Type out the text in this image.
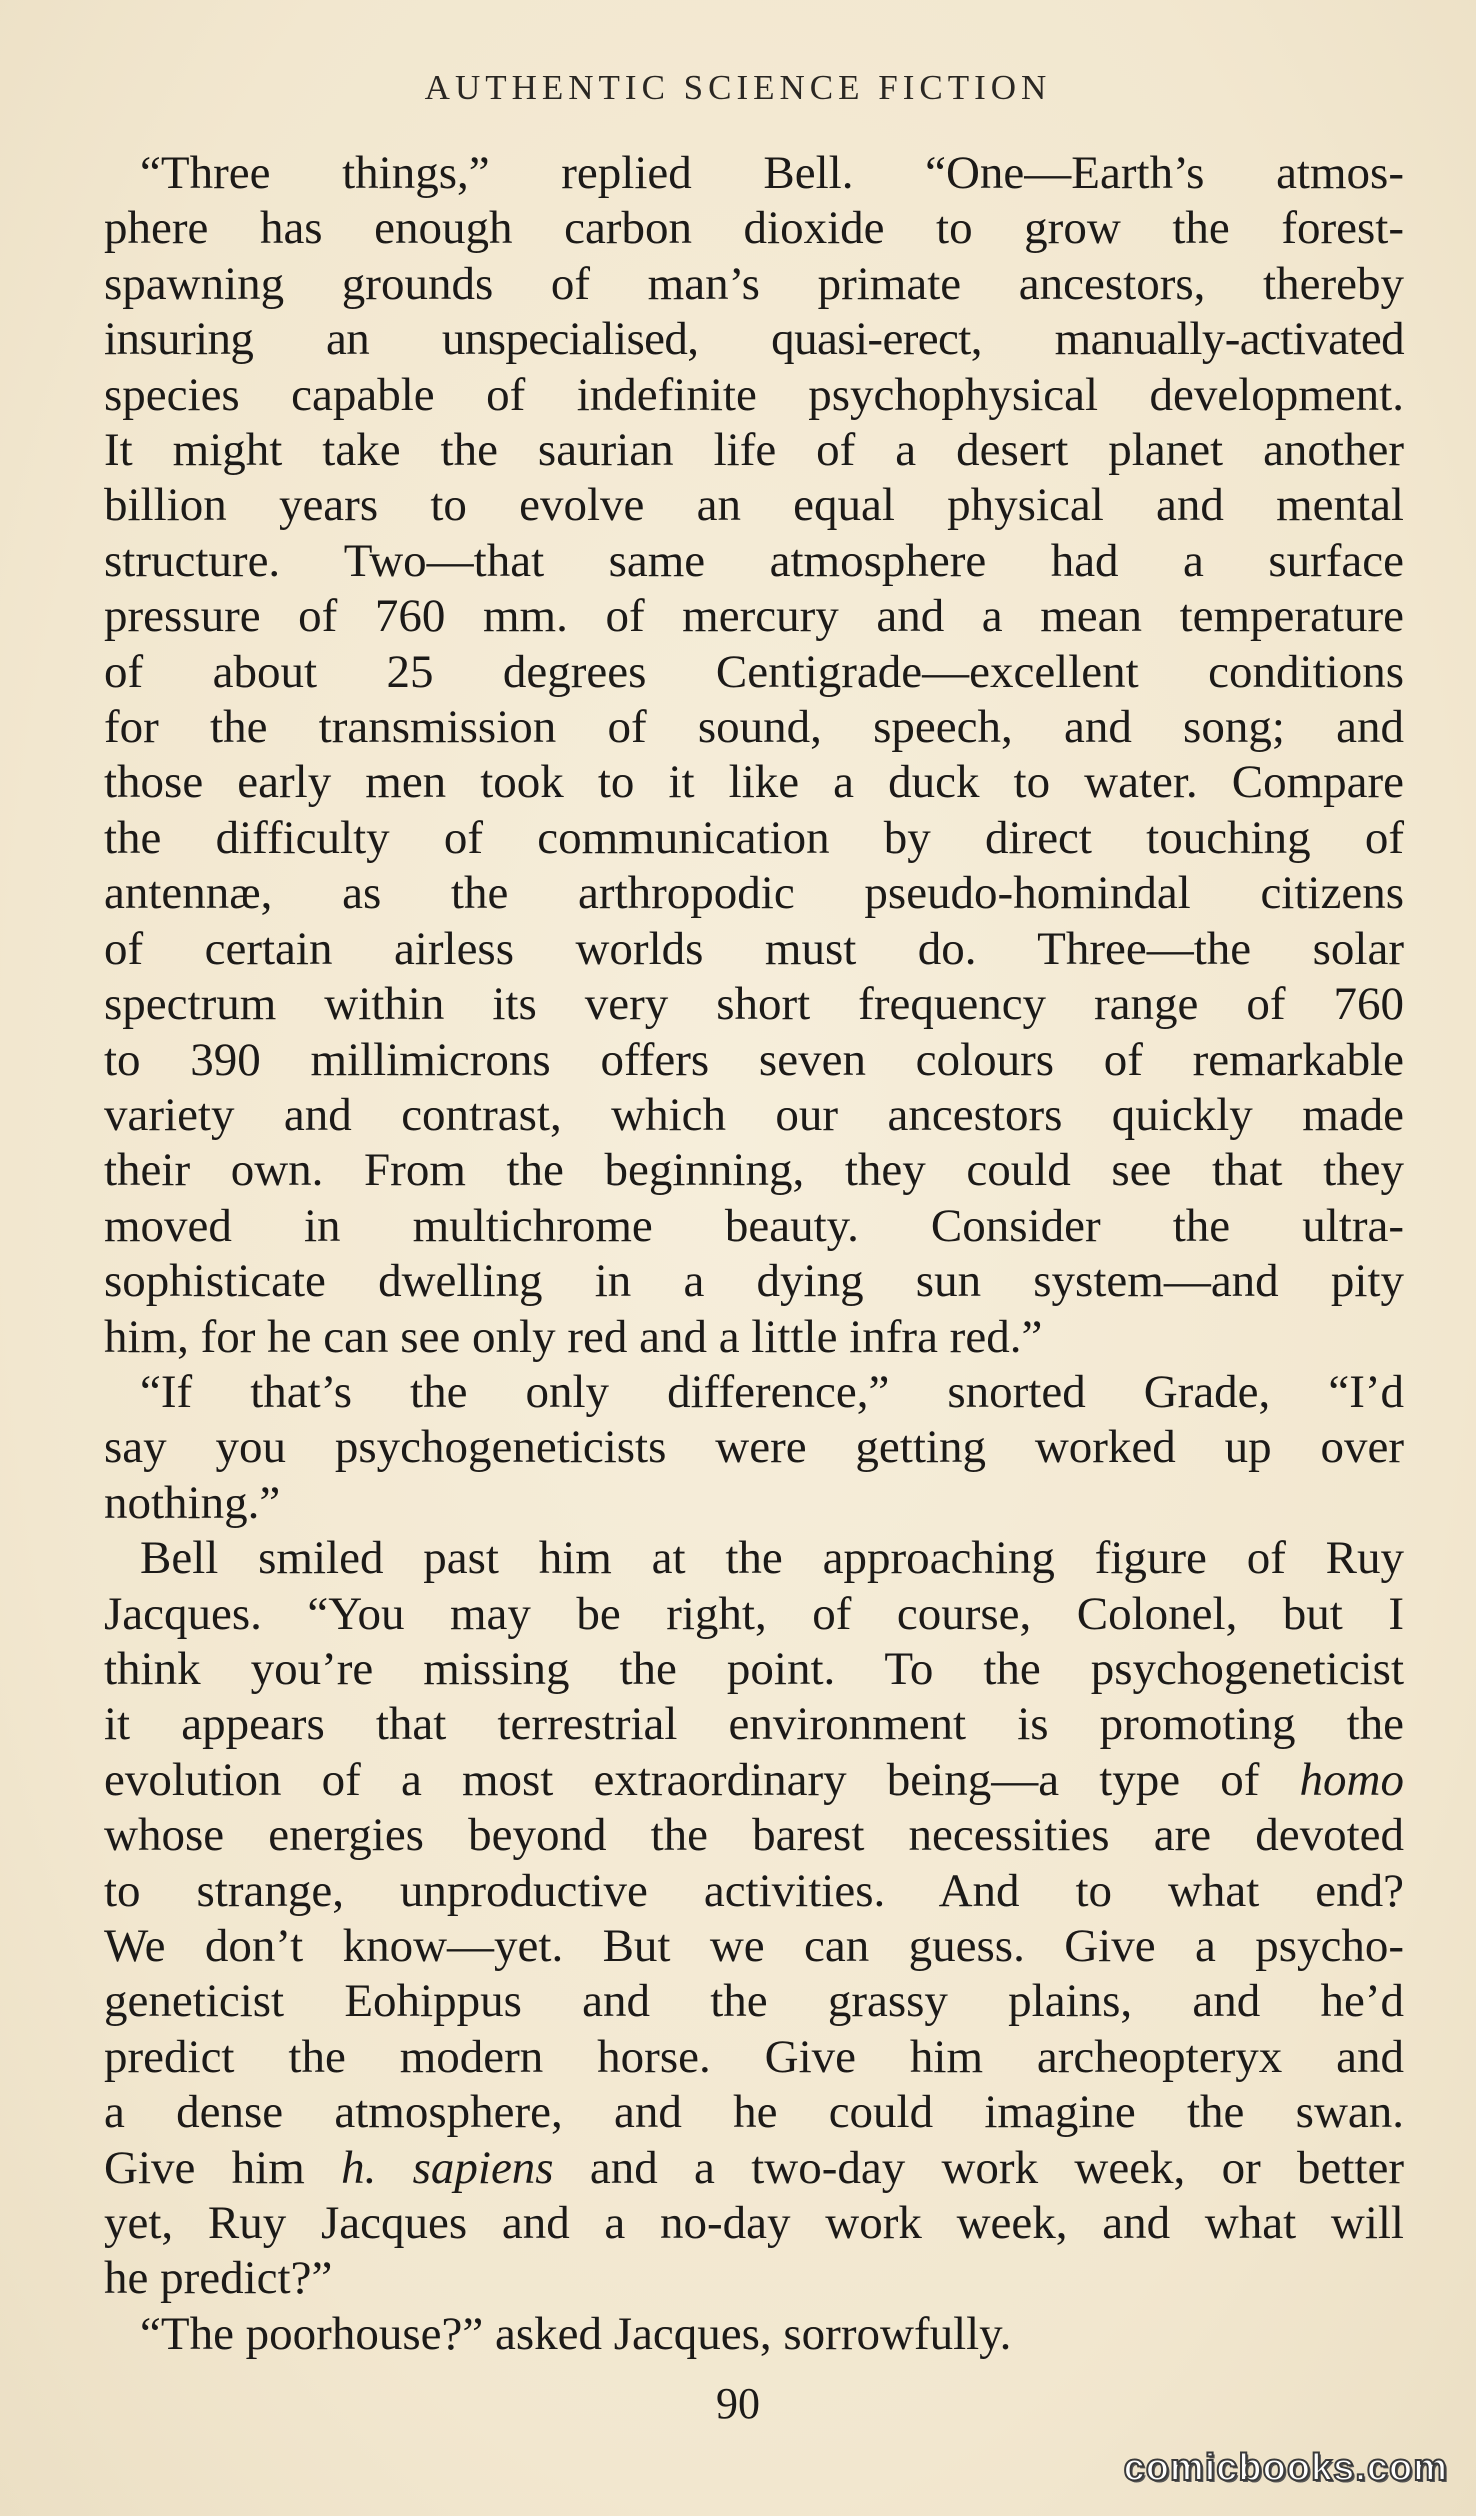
AUTHENTIC SCIENCE FICTION

“Three things,” replied Bell. “One—Earth’s atmos-
phere has enough carbon dioxide to grow the forest-
spawning grounds of man’s primate ancestors, thereby
insuring an unspecialised, quasi-erect, manually-activated
species capable of indefinite psychophysical development.
It might take the saurian life of a desert planet another
billion years to evolve an equal physical and mental
structure. Two—that same atmosphere had a surface
pressure of 760 mm. of mercury and a mean temperature
of about 25 degrees Centigrade—excellent conditions
for the transmission of sound, speech, and song; and
those early men took to it like a duck to water. Compare
the difficulty of communication by direct touching of
antennæ, as the arthropodic pseudo-homindal citizens
of certain airless worlds must do. Three—the solar
spectrum within its very short frequency range of 760
to 390 millimicrons offers seven colours of remarkable
variety and contrast, which our ancestors quickly made
their own. From the beginning, they could see that they
moved in multichrome beauty. Consider the ultra-
sophisticate dwelling in a dying sun system—and pity
him, for he can see only red and a little infra red.”

“If that’s the only difference,” snorted Grade, “I’d
say you psychogeneticists were getting worked up over
nothing.”

Bell smiled past him at the approaching figure of Ruy
Jacques. “You may be right, of course, Colonel, but I
think you’re missing the point. To the psychogeneticist
it appears that terrestrial environment is promoting the
evolution of a most extraordinary being—a type of homo
whose energies beyond the barest necessities are devoted
to strange, unproductive activities. And to what end?
We don’t know—yet. But we can guess. Give a psycho-
geneticist Eohippus and the grassy plains, and he’d
predict the modern horse. Give him archeopteryx and
a dense atmosphere, and he could imagine the swan.
Give him h. sapiens and a two-day work week, or better
yet, Ruy Jacques and a no-day work week, and what will
he predict?”

“The poorhouse?” asked Jacques, sorrowfully.

90
comicbooks.com
